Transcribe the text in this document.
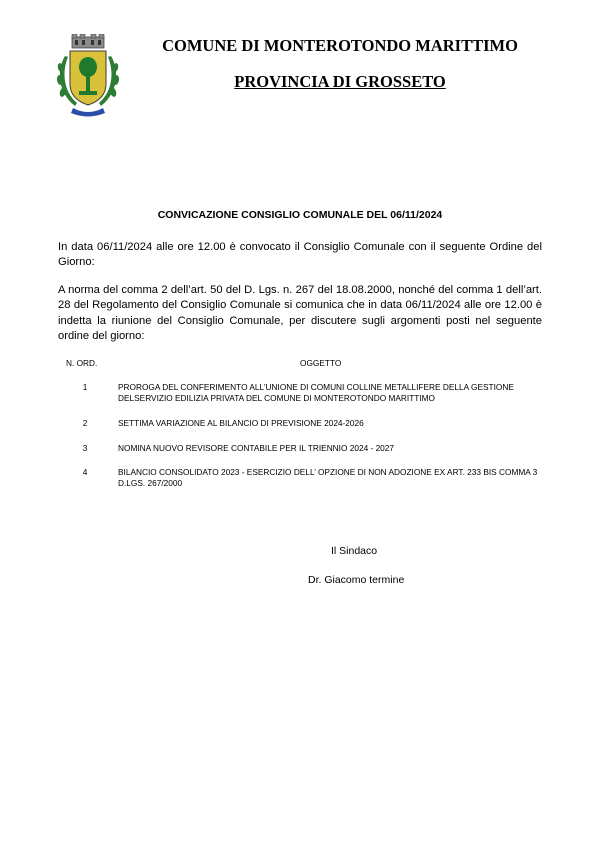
COMUNE DI MONTEROTONDO MARITTIMO
PROVINCIA DI GROSSETO
CONVICAZIONE CONSIGLIO COMUNALE DEL 06/11/2024

In data 06/11/2024 alle ore 12.00 è convocato il Consiglio Comunale con il seguente Ordine del Giorno:

A norma del comma 2 dell’art. 50 del D. Lgs. n. 267 del 18.08.2000, nonché del comma 1 dell’art. 28 del Regolamento del Consiglio Comunale si comunica che in data 06/11/2024 alle ore 12.00 è indetta la riunione del Consiglio Comunale, per discutere sugli argomenti posti nel seguente ordine del giorno:

N. ORD.	OGGETTO
1	PROROGA DEL CONFERIMENTO ALL’UNIONE DI COMUNI COLLINE METALLIFERE DELLA GESTIONE DELSERVIZIO EDILIZIA PRIVATA DEL COMUNE DI MONTEROTONDO MARITTIMO

2	SETTIMA VARIAZIONE AL BILANCIO DI PREVISIONE 2024-2026

3	NOMINA NUOVO REVISORE CONTABILE PER IL TRIENNIO 2024 - 2027

4	BILANCIO CONSOLIDATO 2023 - ESERCIZIO DELL’ OPZIONE DI NON ADOZIONE EX ART. 233 BIS COMMA 3 D.LGS. 267/2000

Il Sindaco
Dr. Giacomo termine
